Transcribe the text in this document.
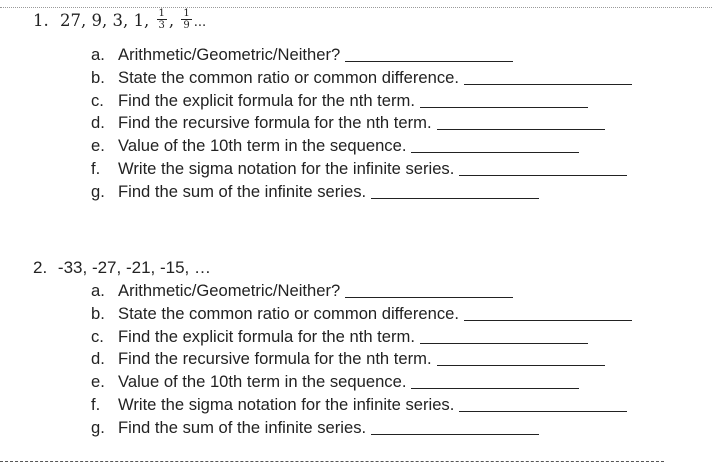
1. 27, 9, 3, 1, $\frac{1}{3}$ , $\frac{1}{9}$ ...
a. Arithmetic/Geometric/Neither?
b. State the common ratio or common difference.
c. Find the explicit formula for the nth term.
d. Find the recursive formula for the nth term.
e. Value of the 10th term in the sequence.
f. Write the sigma notation for the infinite series.
g. Find the sum of the infinite series.
2. -33, -27, -21, -15, …
a. Arithmetic/Geometric/Neither?
b. State the common ratio or common difference.
c. Find the explicit formula for the nth term.
d. Find the recursive formula for the nth term.
e. Value of the 10th term in the sequence.
f. Write the sigma notation for the infinite series.
g. Find the sum of the infinite series.
